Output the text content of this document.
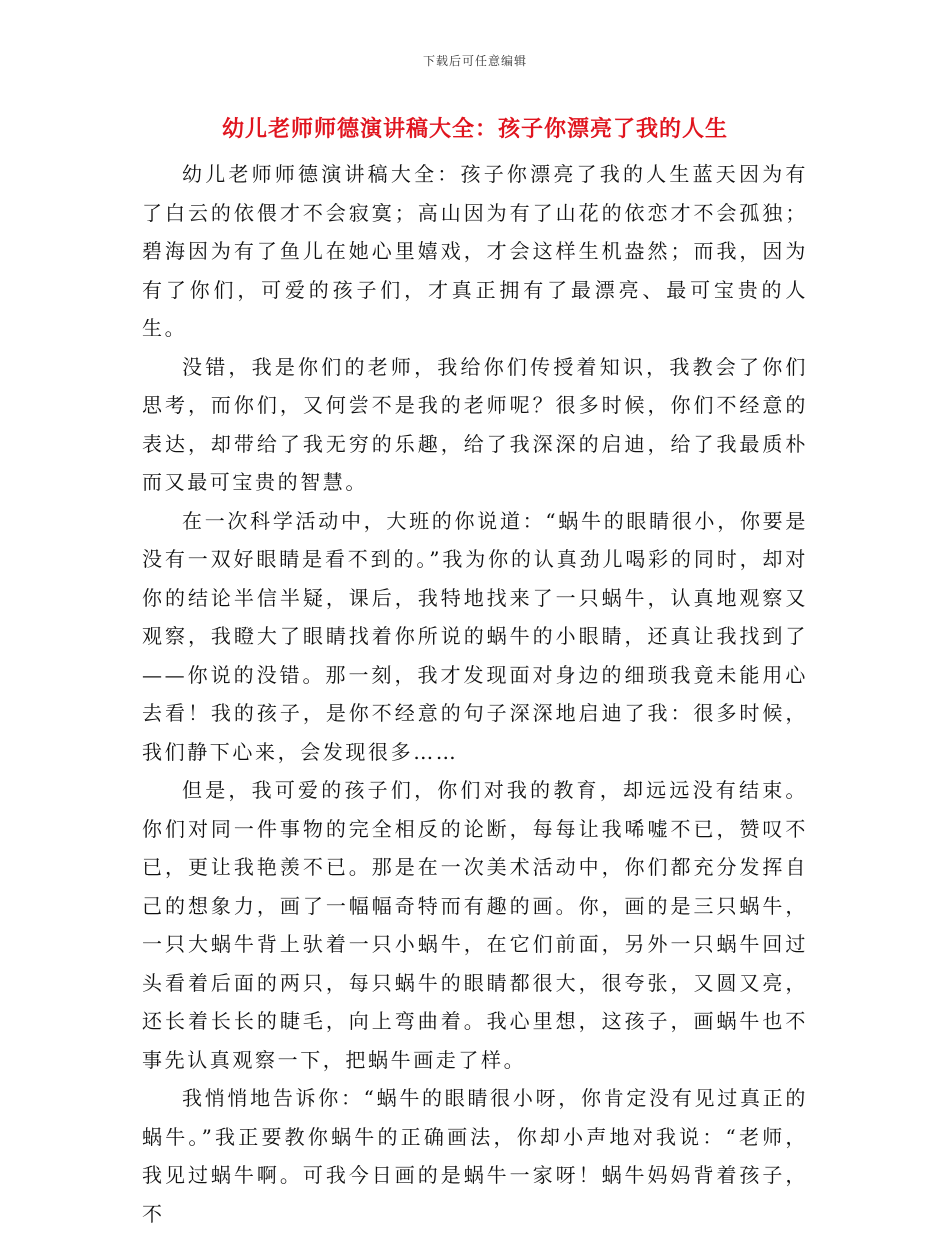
下载后可任意编辑
幼儿老师师德演讲稿大全：孩子你漂亮了我的人生

幼儿老师师德演讲稿大全：孩子你漂亮了我的人生蓝天因为有了白云的依偎才不会寂寞；高山因为有了山花的依恋才不会孤独；碧海因为有了鱼儿在她心里嬉戏，才会这样生机盎然；而我，因为有了你们，可爱的孩子们，才真正拥有了最漂亮、最可宝贵的人生。

没错，我是你们的老师，我给你们传授着知识，我教会了你们思考，而你们，又何尝不是我的老师呢？很多时候，你们不经意的表达，却带给了我无穷的乐趣，给了我深深的启迪，给了我最质朴而又最可宝贵的智慧。

在一次科学活动中，大班的你说道：“蜗牛的眼睛很小，你要是没有一双好眼睛是看不到的。”我为你的认真劲儿喝彩的同时，却对你的结论半信半疑，课后，我特地找来了一只蜗牛，认真地观察又观察，我瞪大了眼睛找着你所说的蜗牛的小眼睛，还真让我找到了——你说的没错。那一刻，我才发现面对身边的细琐我竟未能用心去看！我的孩子，是你不经意的句子深深地启迪了我：很多时候，我们静下心来，会发现很多……

但是，我可爱的孩子们，你们对我的教育，却远远没有结束。你们对同一件事物的完全相反的论断，每每让我唏嘘不已，赞叹不已，更让我艳羡不已。那是在一次美术活动中，你们都充分发挥自己的想象力，画了一幅幅奇特而有趣的画。你，画的是三只蜗牛，一只大蜗牛背上驮着一只小蜗牛，在它们前面，另外一只蜗牛回过头看着后面的两只，每只蜗牛的眼睛都很大，很夸张，又圆又亮，还长着长长的睫毛，向上弯曲着。我心里想，这孩子，画蜗牛也不事先认真观察一下，把蜗牛画走了样。

我悄悄地告诉你：“蜗牛的眼睛很小呀，你肯定没有见过真正的蜗牛。”我正要教你蜗牛的正确画法，你却小声地对我说：“老师，我见过蜗牛啊。可我今日画的是蜗牛一家呀！蜗牛妈妈背着孩子，不
